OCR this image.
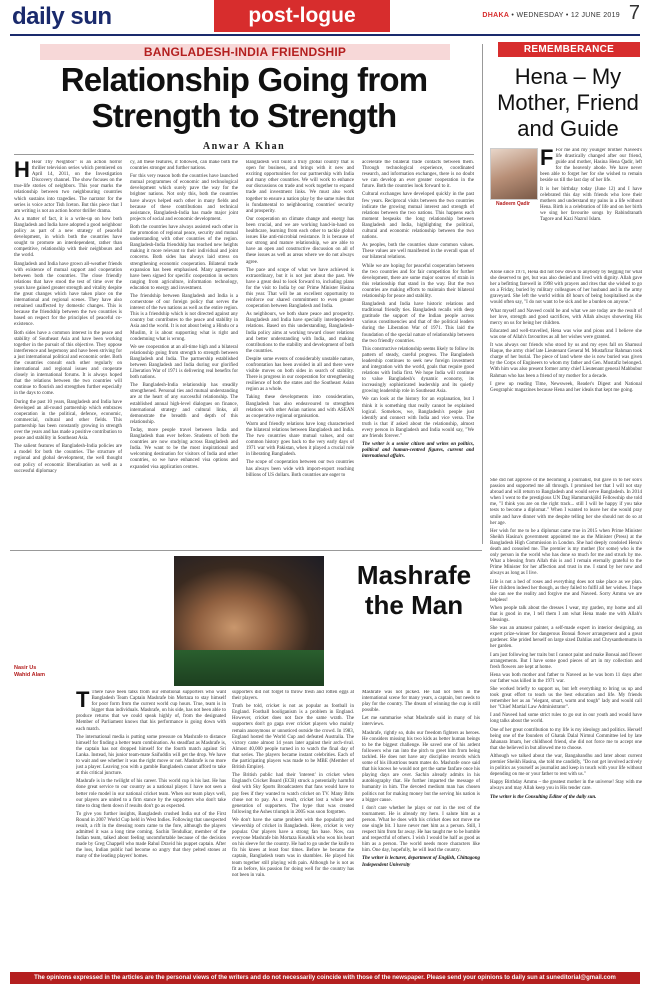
daily sun	post-logue	DHAKA • WEDNESDAY • 12 JUNE 2019 7
BANGLADESH-INDIA FRIENDSHIP
Relationship Going from Strength to Strength
Anwar A Khan

H Hear Thy Neighbor" is an action horror thriller television series which premiered on April 14, 2011, on the Investigation Discovery channel. The show focuses on the true-life stories of neighbors. This year marks the relationship between two neighbouring countries which sustains into tragedies. The narrator for the series is voice actor Tish Iceton. But this piece that I am writing is not an action horror thriller drama.

As a matter of fact, it is a write-up on how both Bangladesh and India have adopted a good neighbour policy as part of a new strategy of peaceful development, in which both the countries have sought to promote an interdependent, rather than competitive, relationship with their neighbours and the world.

Bangladesh and India have grown all-weather friends with existence of mutual support and cooperation between both the countries. The close friendly relations that have stood the test of time over the years have gained greater strength and vitality despite the great changes which have taken place on the international and regional scenes. They have also remained unaffected by domestic changes. This is because the friendship between the two countries is based on respect for the principles of peaceful co-existence.

Both sides have a common interest in the peace and stability of Southeast Asia and have been working together in the pursuit of this objective. They oppose interference and hegemony and have been striving for a just international political and economic order. Both the countries consult each other regularly on international and regional issues and cooperate closely in international forums. It is always hoped that the relations between the two countries will continue to flourish and strengthen further especially in the days to come.

During the past 10 years, Bangladesh and India have developed an all-round partnership which embraces cooperation in the political, defence, economic, commercial, cultural and other fields. This partnership has been constantly growing in strength over the years and has made a positive contribution to peace and stability in Southeast Asia.

The salient features of Bangladesh-India policies are a model for both the countries. The structure of regional and global development, the well thought out policy of economic liberalisation as well as a successful diplomacy

cy, all these features, if followed, can make both the countries stronger and further nations.

For this very reason both the countries have launched mutual programmes of economic and technological development which surely pave the way for the brighter nations. Not only this, both the countries have always helped each other in many fields and because of these contributions and technical assistance, Bangladesh-India has made major joint projects of social and economic development.

Both the countries have always assisted each other in the promotion of regional peace, security and mutual understanding with other countries of the region. Bangladesh-India friendship has reached new heights making it more relevant to their individual and joint concerns. Both sides has always laid stress on strengthening economic cooperation. Bilateral trade expansion has been emphasised. Many agreements have been signed for specific cooperation in sectors ranging from agriculture, information technology, education to energy and investment.

The friendship between Bangladesh and India is a cornerstone of our foreign policy that serves the interest of the two nations as well as the entire region. This is a friendship which is not directed against any country but contributes to the peace and stability in Asia and the world. It is not about being a Hindu or a Muslim, it is about supporting what is right and condemning what is wrong.

We see cooperation at an all-time high and a bilateral relationship going from strength to strength between Bangladesh and India. The partnership established between Bangladesh and India during our glorified Liberation War of 1971 is delivering real benefits for both nations.

The Bangladesh-India relationship has steadily strengthened. Personal ties and mutual understanding are at the heart of any successful relationship. The established annual high-level dialogues on finance, international strategy and cultural links, all demonstrate the breadth and depth of this relationship.

Today, more people travel between India and Bangladesh than ever before. Students of both the countries are now studying across Bangladesh and India. We want to be the most inspirational and welcoming destination for visitors of India and other countries, so we have enhanced visa options and expanded visa application centres.

Bangladesh will build a truly global country that is open for business, and brings with it new and exciting opportunities for our partnership with India and many other countries. We will work to enhance our discussions on trade and work together to expand trade and investment links. We must also work together to ensure a nation play by the same rules that is fundamental to neighbouring countries' security and prosperity.

Our cooperation on climate change and energy has been crucial, and we are working hand-in-hand on healthcare, learning from each other to tackle global issues like anti-microbial resistance. It is because of our strong and mature relationship, we are able to have an open and constructive discussion on all of these issues as well as areas where we do not always agree.

The pace and scope of what we have achieved is extraordinary, but it is not just about the past. We have a great deal to look forward to, including plans for the visit to India by our Prime Minister Hasina this year. That will be an excellent opportunity to reinforce our shared commitment to even greater cooperation between Bangladesh and India.

As neighbours, we both share peace and prosperity. Bangladesh and India have specially interdependent relations. Based on this understanding, Bangladesh-India policy aims at working toward closer relations and better understanding with India, and making contributions to the stability and development of both the countries.

Despite some events of considerably unstable nature, confrontation has been avoided in all and there were visible moves on both sides in search of stability. There is progress in our cooperation for strengthening resilience of both the states and the Southeast Asian region as a whole.

Taking these developments into consideration, Bangladesh has also endeavoured to strengthen relations with other Asian nations and with ASEAN as cooperative regional organisation.

Warm and friendly relations have long characterised the bilateral relations between Bangladesh and India. The two countries share mutual values, and our common history goes back to the very early days of 1971 war with Pakistan, when it played a crucial role in liberating Bangladesh.

The scope of cooperation between our two countries has always been wide with import-export reaching billions of US dollars. Both countries are eager to

accelerate the bilateral trade contacts between them. Through technological experience, coordinated research, and information exchanges, there is no doubt we can develop an ever greater cooperation in the future. Both the countries look forward to it.

Cultural exchanges have developed quickly in the past few years. Reciprocal visits between the two countries indicate the growing mutual interest and strength of relations between the two nations. This happens each moment bespeaks the long relationship between Bangladesh and India, highlighting the political, cultural and economic relationship between the two nations.

As peoples, both the countries share common values. These values are well manifested in the overall span of our bilateral relations.

While we are hoping for peaceful cooperation between the two countries and for fair competition for further development, there are some major sources of strain in this relationship that stand in the way. But the two countries are making efforts to maintain their bilateral relationship for peace and stability.

Bangladesh and India have historic relations and traditional friendly ties. Bangladesh recalls with deep gratitude the support of the Indian people across various constituencies and that of the political leaders during the Liberation War of 1971. This laid the foundation of the special nature of relationship between the two friendly countries.

This constructive relationship seems likely to follow its pattern of steady, careful progress. The Bangladesh leadership continues to seek new foreign investment and integration with the world, goals that require good relations with India first. We hope India will continue to value Bangladesh's dynamic economy, its increasingly sophisticated leadership and its quietly growing leadership role in Southeast Asia.

We can look at the history for an explanation, but I think it is something that really cannot be explained logical. Somehow, we, Bangladesh's people just identify and connect with India and vice versa. The truth is that if asked about the relationship, almost every person in Bangladesh and India would say, "We are friends forever."

The writer is a senior citizen and writes on politics, political and human-centred figures, current and international affairs.

REMEMBERANCE
Hena – My Mother, Friend and Guide
Nadeem Qadir

F For me and my younger brother Naveed's life drastically changed after our friend, guide and mother, Hasina Hena Qadir, left for the heavenly abode. We have never been able to forget her for she wished to remain beside us till the last day of her life.

It is her birthday today (June 12) and I have celebrated this day with friends who love their mothers and understand my pains in a life without Hena. Birth is a celebration of life and on her birth we sing her favourite songs by Rabindranath Tagore and Kazi Nazrul Islam.

Alone since 1971, Hena did not bow down to anybody by begging for what she deserved to get, but was also denied and lived with dignity. Allah gave her a befitting farewell in 1998 with prayers and rites that she wished to go on a Friday, buried by military colleagues of her husband and in the army graveyard. She left the world within 48 hours of being hospitalised as she would often say, "I do not want to be sick and be a burden on anyone."

What myself and Naveed could be and what we are today are the result of her love, strength and good sacrifices, with Allah always showering His mercy on us for being her children.

Educated and well-travelled, Hena was wise and pious and I believe she was one of Allah's favourites as all her wishes were granted.

It was always our friends who stood by us and my eyes fall on Shamsul Haque, the army chief late Lieutenant General M. Mustafizur Rahman took charge of her burial. The piece of land where she is now buried was given by the Corps of Engineers to whom my father and Gen. Mustafiz belonged. With him was also present former army chief Lieutenant general Mahbubur Rahman who has been a friend of my mother for a decade.

I grew up reading Time, Newsweek, Reader's Digest and National Geographic magazines because Hena and her ideals that kept me going.

She did not approve of me becoming a journalist, but gave in to her son's passion and supported me all through. I promised her that I will not stay abroad and will return to Bangladesh and would serve Bangladesh. In 2014 when I went to the prestigious UN Dag Hammarskjöld Fellowship she told me, "I think you are on the right track... still I will be happy if you take tests to become a diplomat." When I wanted to leave her she would pray smile and have dinner with me despite telling her she should not do so at her age.

Her wish for me to be a diplomat came true in 2015 when Prime Minister Sheikh Hasina's government appointed me as the Minister (Press) at the Bangladesh High Commission in London. She had deeply condoled Hena's death and consoled me. The premier is my mother (for some) who is the only person in the world who has done so much for me and struck by me. What a blessing from Allah this is and I remain eternally grateful to the Prime Minister for her affection and trust in me. I stand by her now and always as long as I live.

Life is not a bed of roses and everything does not take place as we plan. Her children indeed her though, as they failed to fulfil all her wishes. I hope she can see the reality and forgive me and Naveed. Sorry Ammu we are helpless!

When people talk about the dresses I wear, my garden, my home and all that is good in me, I tell them I am what Hena made me with Allah's blessings.

She was an amateur painter, a self-made expert in interior designing, an expert prize-winner for dangerous Bonsai flower arrangement and a great gardener. She prided herself on large sized Dahlias and Chrysanthemums in her garden.

I am just following her traits but I cannot paint and make Bonsai and flower arrangements. But I have some good pieces of art in my collection and fresh flowers are kept at home.

Hena was both mother and father to Naveed as he was born 11 days after our father was killed in the 1971 war.

She worked briefly to support us, but left everything to bring us up and took great effort to teach us the best education and life. My friends remember her as an "elegant, smart, warm and tough" lady and would call her "Chief Martial Law Administrator".

I and Naveed had some strict rules to go out in our youth and would have long talks about the world.

One of her great contribution to my life is my ideology and politics. Herself being one of the founders of Ghatak Dalal Nirmul Committee led by late Jahanara Imam, her childhood friend, she did not force me to accept one that she believed in but allowed me to choose.

Although we talked about the war, Bangabandhu and later about current premier Sheikh Hasina, she told me candidly, "Do not get involved actively in politics as yourself as journalist and keep in touch with your life without depending on me or your father to rest with us."

Happy Birthday Ammu – the greatest mother in the universe! Stay with me always and may Allah keep you in His tender care.

The writer is the Consulting Editor of the daily sun.

Mashrafe the Man
Nasir Us
Wahid Alam

T There have been talks from our emotional supporters who want Bangladesh Team Captain Mashrafe bin Mortaza to stay himself for poor form from the current world cup hours. True, team is in bigger than individuals. Mashrafe, on his side, has not been able to produce returns that we could speak highly of, from the designated Member of Parliament knows that his performance is going down with each match.

The international media is putting some pressure on Mashrafe to distance himself for finding a better team combination. As steadfast as Mashrafe is, the captain has not dropped himself for the fourth match against Sri Lanka. Instead, his junior team-mate Saifuddin will get the drop. We have to wait and see whether it was the right move or not. Mashrafe is no more just a player. Leaving you with a gamble Bangladesh cannot afford to take at this critical juncture.

Mashrafe is in the twilight of his career. This world cup is his last. He has done great service to our country as a national player. I have not seen a better role model in our national cricket team. When our team plays well, our players are united to a firm stance by the supporters who don't take time to drag them down if results don't go as expected.

To give you further insights, Bangladesh crushed India out of the First Round in 2007 World Cup held in West Indies. Following that unexpected result, a rift in the dressing room came to the fore, although the players admitted it was a long time coming. Sachin Tendulkar, member of the Indian team, talked about feeling uncomfortable because of the decision made by Greg Chappell who made Rahul Dravid his puppet captain. After the loss, Indian public had become so angry that they pelted stones at many of the leading players' homes.

supporters did not forget to throw fresh and rotten eggs at their players.

Truth be told, cricket is not as popular as football in England. Football hooliganism is a problem in England. However, cricket does not face the same wrath. The supporters don't go gaga over cricket players who mainly remain anonymous or unnoticed outside the crowd. In 1983, England hosted the World Cup and defeated Australia. The victory came almost 14 years later against their arch-rival. Almost 40,000 people turned in to watch the final day of that series. The players became instant celebrities. Each of the participating players was made to be MBE (Member of British Empire).

The British public had their 'interest' in cricket when England's Cricket Board (ECB) struck a potentially harmful deal with Sky Sports Broadcasters that fans would have to pay fees if they wanted to watch cricket on TV. Many Brits chose not to pay. As a result, cricket lost a whole new generation of supporters. The hype that was created following the Ashes triumph in 2005 was soon forgotten.

We don't have the same problem with the popularity and viewership of cricket in Bangladesh. Here, cricket is very popular. Our players have a strong fan base. Now, can everyone Mashrafe bin Mortaza Koushik who won his heart on his sleeve for the country. He had to go under the knife to fix his knees at least four times. Before he became the captain, Bangladesh team was in shambles. He played his team together still playing with pain. Although he is not as fit as before, his passion for doing well for the country has not been in vain.

Mashrafe was not picked. He had not been in the international scene for many years, a captain, but needs to play for the country. The dream of winning the cup is still possible.

Let me summarise what Mashrafe said in many of his interviews.

Mashrafe, rightly so, dubs our freedom fighters as heroes. He considers missing his two kids as better human beings to be the biggest challenge. He saved one of his ardent followers who ran into the pitch to greet him from being tackled. He does not have any discipline records which some of his illustrious team mates do. Mashrafe once said that his knows he would not get the same fanfare once his playing days are over. Sachin already admits in his autobiography that. He further imparted the message of humanity in him. The devoted medium man has chosen politics not for making money but the serving his nation is a bigger cause.

I don't care whether he plays or not in the rest of the tournament. He is already my hero. I salute him as a person. What he does with his cricket does not move me one single bit. I have never met him as a person. Still, I respect him from far away. He has taught me to be humble and respectful of others. I wish I would be half as good as him as a person. The world needs more characters like him. One day, hopefully, he will lead the country.

The writer is lecturer, department of English, Chittagong Independent University

The opinions expressed in the articles are the personal views of the writers and do not necessarily coincide with those of the newspaper. Please send your opinions to daily sun at suneditorial@gmail.com
